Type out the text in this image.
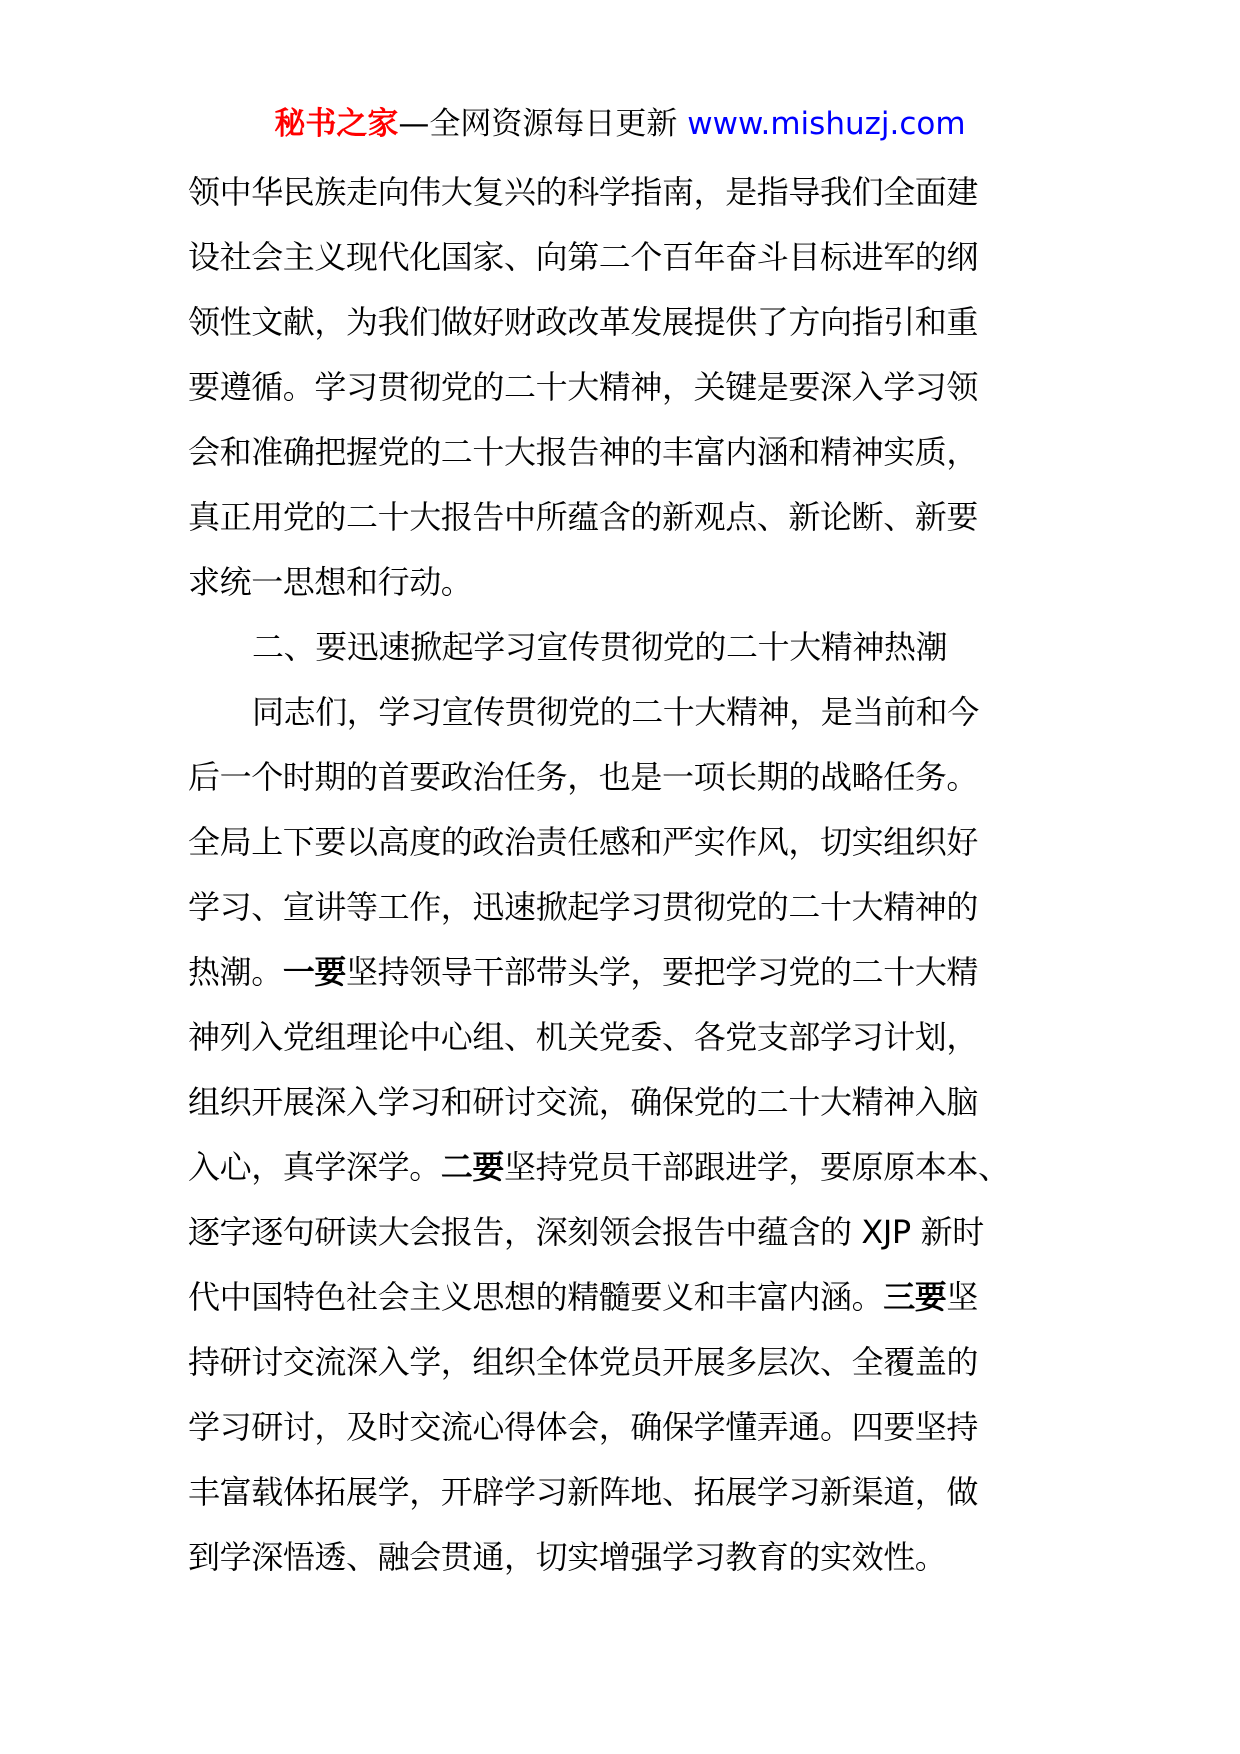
秘书之家—全网资源每日更新 www.mishuzj.com
领中华民族走向伟大复兴的科学指南，是指导我们全面建
设社会主义现代化国家、向第二个百年奋斗目标进军的纲
领性文献，为我们做好财政改革发展提供了方向指引和重
要遵循。学习贯彻党的二十大精神，关键是要深入学习领
会和准确把握党的二十大报告神的丰富内涵和精神实质，
真正用党的二十大报告中所蕴含的新观点、新论断、新要
求统一思想和行动。
二、要迅速掀起学习宣传贯彻党的二十大精神热潮
同志们，学习宣传贯彻党的二十大精神，是当前和今
后一个时期的首要政治任务，也是一项长期的战略任务。
全局上下要以高度的政治责任感和严实作风，切实组织好
学习、宣讲等工作，迅速掀起学习贯彻党的二十大精神的
热潮。一要坚持领导干部带头学，要把学习党的二十大精
神列入党组理论中心组、机关党委、各党支部学习计划，
组织开展深入学习和研讨交流，确保党的二十大精神入脑
入心，真学深学。二要坚持党员干部跟进学，要原原本本、
逐字逐句研读大会报告，深刻领会报告中蕴含的 XJP 新时
代中国特色社会主义思想的精髓要义和丰富内涵。三要坚
持研讨交流深入学，组织全体党员开展多层次、全覆盖的
学习研讨，及时交流心得体会，确保学懂弄通。四要坚持
丰富载体拓展学，开辟学习新阵地、拓展学习新渠道，做
到学深悟透、融会贯通，切实增强学习教育的实效性。
